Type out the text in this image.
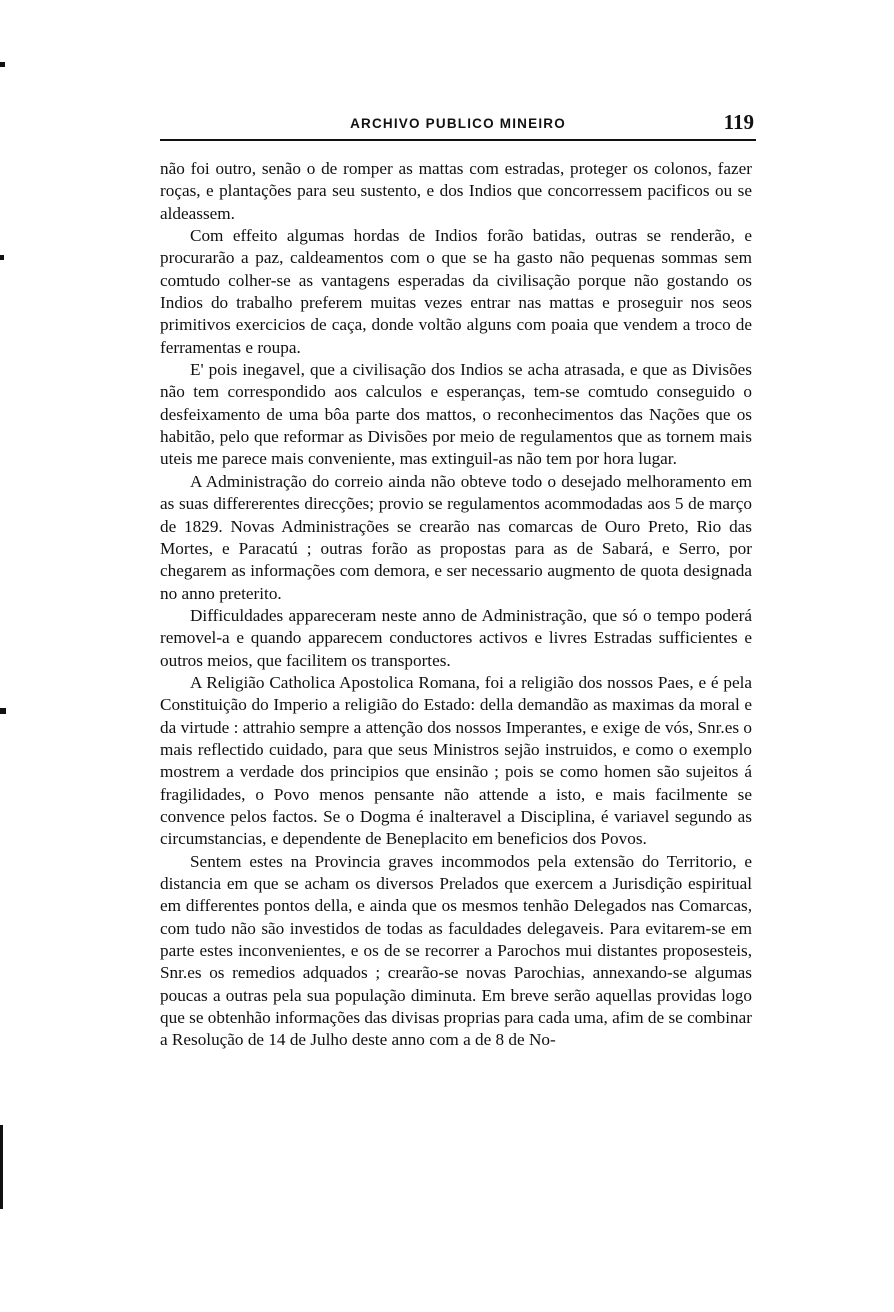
ARCHIVO PUBLICO MINEIRO	119

não foi outro, senão o de romper as mattas com estradas, proteger os colonos, fazer roças, e plantações para seu sustento, e dos Indios que concorressem pacificos ou se aldeassem.

Com effeito algumas hordas de Indios forão batidas, outras se renderão, e procurarão a paz, caldeamentos com o que se ha gasto não pequenas sommas sem comtudo colher-se as vantagens esperadas da civilisação porque não gostando os Indios do trabalho preferem muitas vezes entrar nas mattas e proseguir nos seos primitivos exercicios de caça, donde voltão alguns com poaia que vendem a troco de ferramentas e roupa.

E' pois inegavel, que a civilisação dos Indios se acha atrasada, e que as Divisões não tem correspondido aos calculos e esperanças, tem-se comtudo conseguido o desfeixamento de uma bôa parte dos mattos, o reconhecimentos das Nações que os habitão, pelo que reformar as Divisões por meio de regulamentos que as tornem mais uteis me parece mais conveniente, mas extinguil-as não tem por hora lugar.

A Administração do correio ainda não obteve todo o desejado melhoramento em as suas differerentes direcções; provio se regulamentos acommodadas aos 5 de março de 1829. Novas Administrações se crearão nas comarcas de Ouro Preto, Rio das Mortes, e Paracatú ; outras forão as propostas para as de Sabará, e Serro, por chegarem as informações com demora, e ser necessario augmento de quota designada no anno preterito.

Difficuldades appareceram neste anno de Administração, que só o tempo poderá removel-a e quando apparecem conductores activos e livres Estradas sufficientes e outros meios, que facilitem os transportes.

A Religião Catholica Apostolica Romana, foi a religião dos nossos Paes, e é pela Constituição do Imperio a religião do Estado: della demandão as maximas da moral e da virtude : attrahio sempre a attenção dos nossos Imperantes, e exige de vós, Snr.es o mais reflectido cuidado, para que seus Ministros sejão instruidos, e como o exemplo mostrem a verdade dos principios que ensinão ; pois se como homen são sujeitos á fragilidades, o Povo menos pensante não attende a isto, e mais facilmente se convence pelos factos. Se o Dogma é inalteravel a Disciplina, é variavel segundo as circumstancias, e dependente de Beneplacito em beneficios dos Povos.

Sentem estes na Provincia graves incommodos pela extensão do Territorio, e distancia em que se acham os diversos Prelados que exercem a Jurisdição espiritual em differentes pontos della, e ainda que os mesmos tenhão Delegados nas Comarcas, com tudo não são investidos de todas as faculdades delegaveis. Para evitarem-se em parte estes inconvenientes, e os de se recorrer a Parochos mui distantes proposesteis, Snr.es os remedios adquados ; crearão-se novas Parochias, annexando-se algumas poucas a outras pela sua população diminuta. Em breve serão aquellas providas logo que se obtenhão informações das divisas proprias para cada uma, afim de se combinar a Resolução de 14 de Julho deste anno com a de 8 de No-
